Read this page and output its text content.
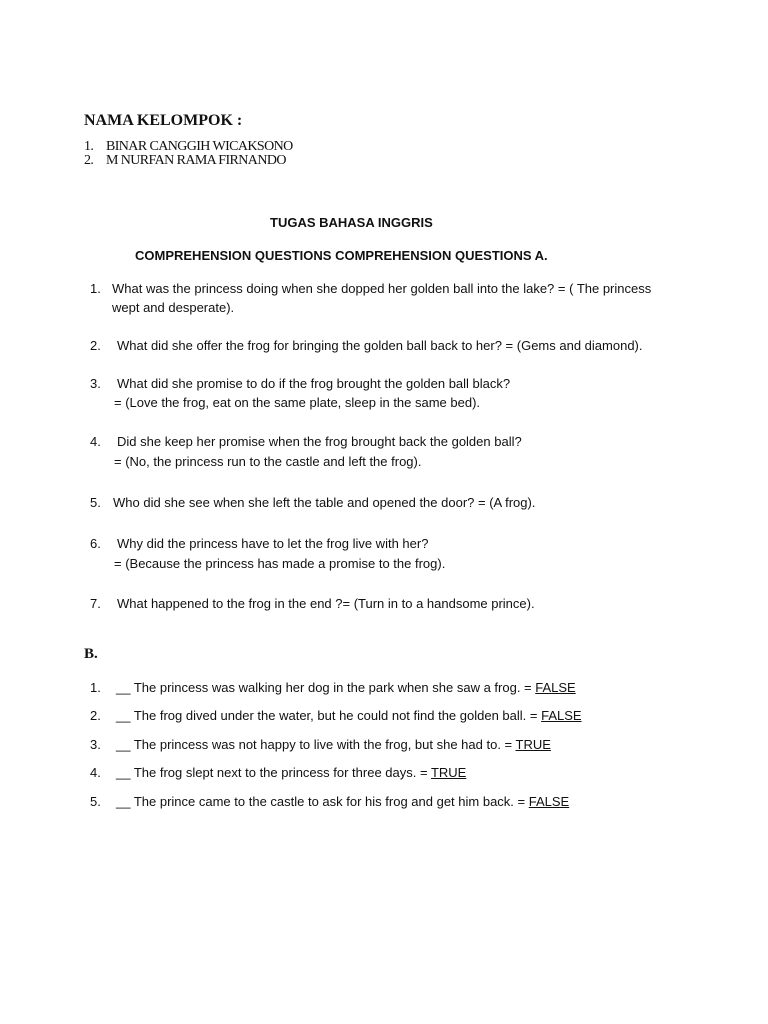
NAMA KELOMPOK :
1. BINAR CANGGIH WICAKSONO
2. M NURFAN RAMA FIRNANDO
TUGAS BAHASA INGGRIS
COMPREHENSION QUESTIONS COMPREHENSION QUESTIONS A.
1. What was the princess doing when she dopped her golden ball into the lake? = ( The princess
wept and desperate).
2. What did she offer the frog for bringing the golden ball back to her? = (Gems and diamond).
3. What did she promise to do if the frog brought the golden ball black?
= (Love the frog, eat on the same plate, sleep in the same bed).
4. Did she keep her promise when the frog brought back the golden ball?
= (No, the princess run to the castle and left the frog).
5. Who did she see when she left the table and opened the door? = (A frog).
6. Why did the princess have to let the frog live with her?
= (Because the princess has made a promise to the frog).
7. What happened to the frog in the end ?= (Turn in to a handsome prince).
B.
1. __ The princess was walking her dog in the park when she saw a frog. = FALSE
2. __ The frog dived under the water, but he could not find the golden ball. = FALSE
3. __ The princess was not happy to live with the frog, but she had to. = TRUE
4. __ The frog slept next to the princess for three days. = TRUE
5. __ The prince came to the castle to ask for his frog and get him back. = FALSE
